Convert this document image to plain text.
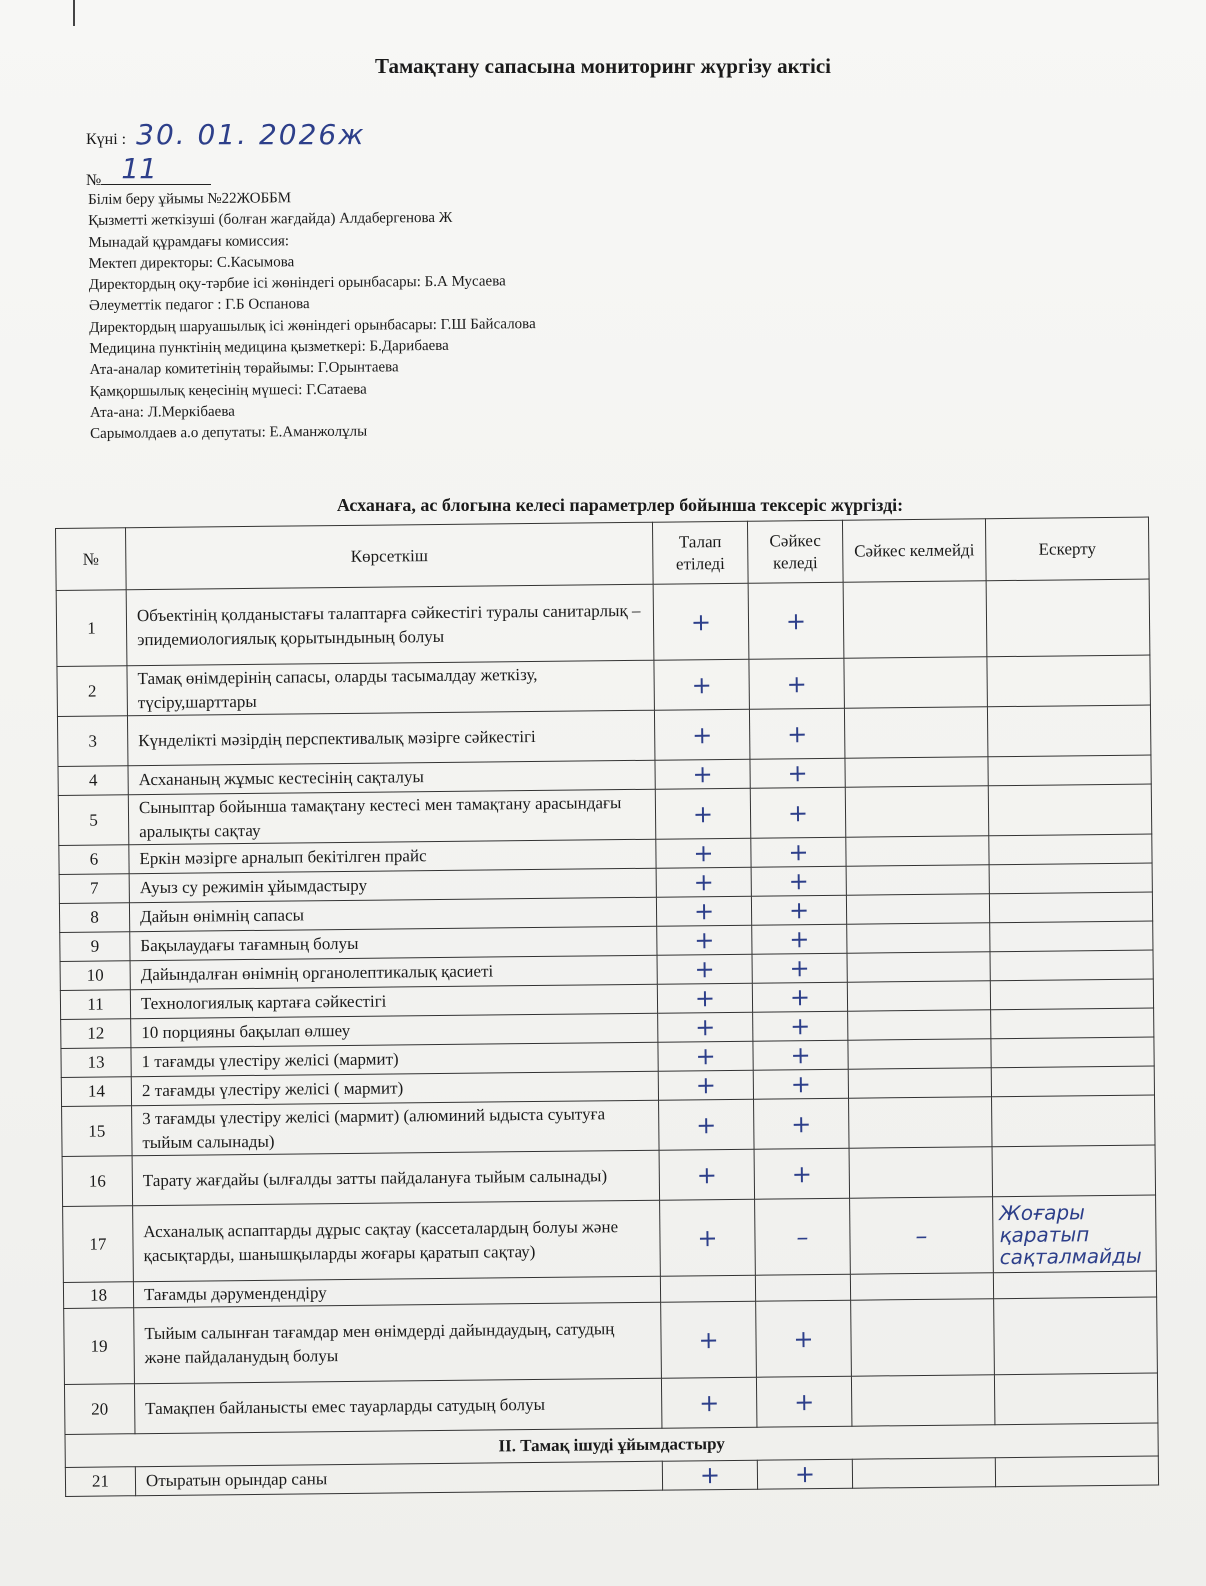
Тамақтану сапасына мониторинг жүргізу актісі
Күні : 30. 01. 2026ж
№ 11
Білім беру ұйымы №22ЖОББМ
Қызметті жеткізуші (болған жағдайда) Алдабергенова Ж
Мынадай құрамдағы комиссия:
Мектеп директоры: С.Касымова
Директордың оқу-тәрбие ісі жөніндегі орынбасары: Б.А Мусаева
Әлеуметтік педагог : Г.Б Оспанова
Директордың шаруашылық ісі жөніндегі орынбасары: Г.Ш Байсалова
Медицина пунктінің медицина қызметкері: Б.Дарибаева
Ата-аналар комитетінің төрайымы: Г.Орынтаева
Қамқоршылық кеңесінің мүшесі: Г.Сатаева
Ата-ана: Л.Меркібаева
Сарымолдаев а.о депутаты: Е.Аманжолұлы
Асханаға, ас блогына келесі параметрлер бойынша тексеріс жүргізді:
№	Көрсеткіш	Талап етіледі	Сәйкес келеді	Сәйкес келмейді	Ескерту
1	Объектінің қолданыстағы талаптарға сәйкестігі туралы санитарлық – эпидемиологиялық қорытындының болуы	+	+		

2	Тамақ өнімдерінің сапасы, оларды тасымалдау жеткізу, түсіру,шарттары	+	+		

3	Күнделікті мәзірдің перспективалық мәзірге сәйкестігі	+	+		

4	Асхананың жұмыс кестесінің сақталуы	+	+		

5	Сыныптар бойынша тамақтану кестесі мен тамақтану арасындағы аралықты сақтау	+	+		

6	Еркін мәзірге арналып бекітілген прайс	+	+		

7	Ауыз су режимін ұйымдастыру	+	+		

8	Дайын өнімнің сапасы	+	+		

9	Бақылаудағы тағамның болуы	+	+		

10	Дайындалған өнімнің органолептикалық қасиеті	+	+		

11	Технологиялық картаға сәйкестігі	+	+		

12	10 порцияны бақылап өлшеу	+	+		

13	1 тағамды үлестіру желісі (мармит)	+	+		

14	2 тағамды үлестіру желісі ( мармит)	+	+		

15	3 тағамды үлестіру желісі (мармит) (алюминий ыдыста суытуға тыйым салынады)	+	+		

16	Тарату жағдайы (ылғалды затты пайдалануға тыйым салынады)	+	+		

17	Асханалық аспаптарды дұрыс сақтау (кассеталардың болуы және қасықтарды, шанышқыларды жоғары қаратып сақтау)	+	–	–	Жоғары қаратып сақталмайды

18	Тағамды дәрумендендіру				

19	Тыйым салынған тағамдар мен өнімдерді дайындаудың, сатудың және пайдаланудың болуы	+	+		

20	Тамақпен байланысты емес тауарларды сатудың болуы	+	+		

ІІ. Тамақ ішуді ұйымдастыру					
21	Отыратын орындар саны	+	+		
